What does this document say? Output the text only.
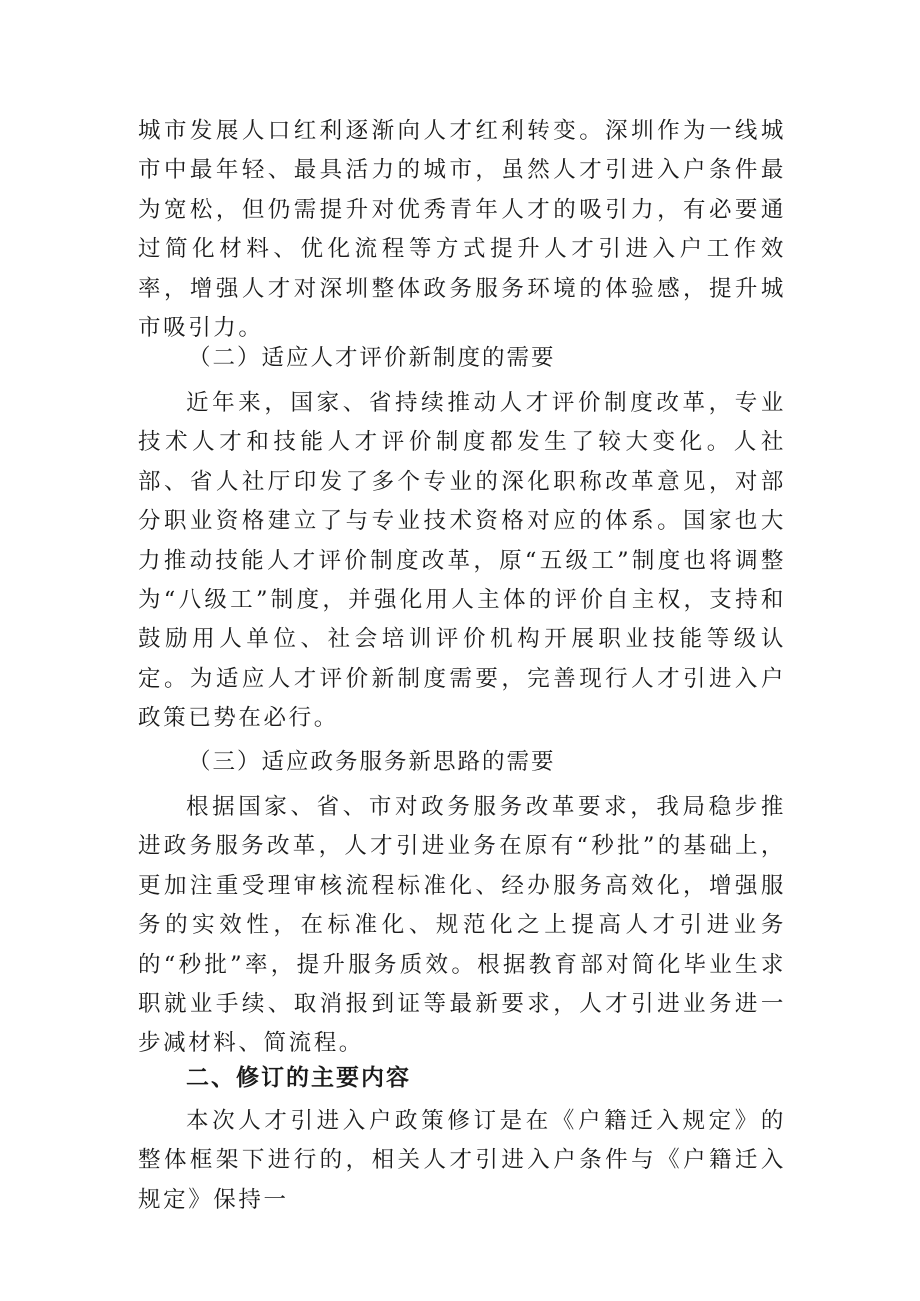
城市发展人口红利逐渐向人才红利转变。深圳作为一线城市中最年轻、最具活力的城市，虽然人才引进入户条件最为宽松，但仍需提升对优秀青年人才的吸引力，有必要通过简化材料、优化流程等方式提升人才引进入户工作效率，增强人才对深圳整体政务服务环境的体验感，提升城市吸引力。

（二）适应人才评价新制度的需要

近年来，国家、省持续推动人才评价制度改革，专业技术人才和技能人才评价制度都发生了较大变化。人社部、省人社厅印发了多个专业的深化职称改革意见，对部分职业资格建立了与专业技术资格对应的体系。国家也大力推动技能人才评价制度改革，原“五级工”制度也将调整为“八级工”制度，并强化用人主体的评价自主权，支持和鼓励用人单位、社会培训评价机构开展职业技能等级认定。为适应人才评价新制度需要，完善现行人才引进入户政策已势在必行。

（三）适应政务服务新思路的需要

根据国家、省、市对政务服务改革要求，我局稳步推进政务服务改革，人才引进业务在原有“秒批”的基础上，更加注重受理审核流程标准化、经办服务高效化，增强服务的实效性，在标准化、规范化之上提高人才引进业务的“秒批”率，提升服务质效。根据教育部对简化毕业生求职就业手续、取消报到证等最新要求，人才引进业务进一步减材料、简流程。

二、修订的主要内容

本次人才引进入户政策修订是在《户籍迁入规定》的整体框架下进行的，相关人才引进入户条件与《户籍迁入规定》保持一
